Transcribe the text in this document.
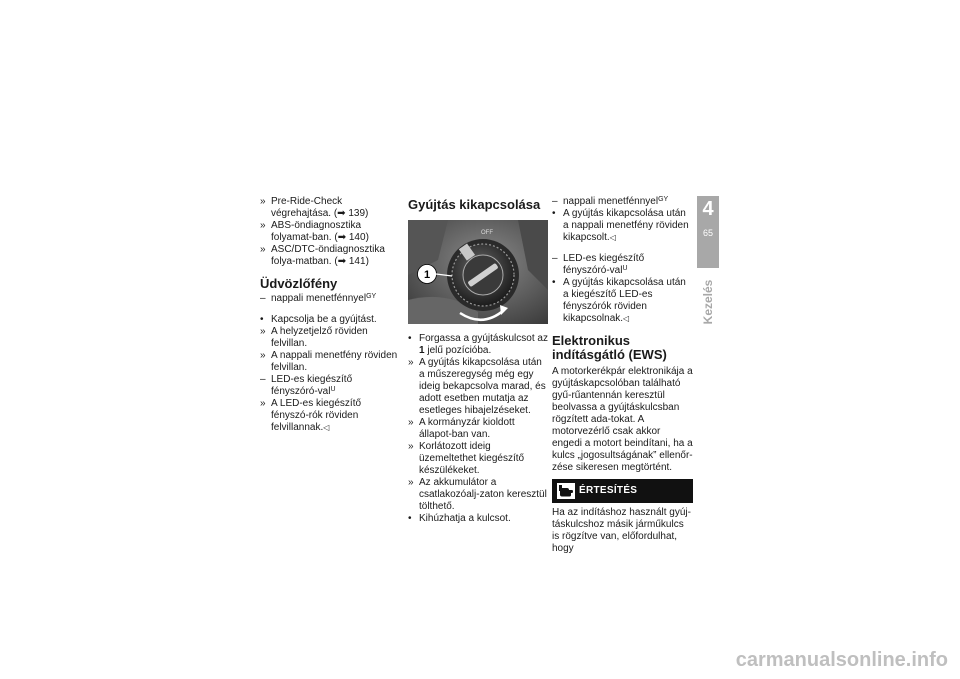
» Pre-Ride-Check végrehajtása. (➡ 139)

» ABS-öndiagnosztika folyamat-ban. (➡ 140)

» ASC/DTC-öndiagnosztika folya-matban. (➡ 141)

Üdvözlőfény

– nappali menetfénnyel$^{GY}$

• Kapcsolja be a gyújtást.

» A helyzetjelző röviden felvillan.

» A nappali menetfény röviden felvillan.

– LED-es kiegészítő fényszóró-val$^U$

» A LED-es kiegészítő fényszó-rók röviden felvillannak.◁

Gyújtás kikapcsolása
OFF
1

• Forgassa a gyújtáskulcsot az 1 jelű pozícióba.

» A gyújtás kikapcsolása után a műszeregység még egy ideig bekapcsolva marad, és adott esetben mutatja az esetleges hibajelzéseket.

» A kormányzár kioldott állapot-ban van.

» Korlátozott ideig üzemeltethet kiegészítő készülékeket.

» Az akkumulátor a csatlakozóalj-zaton keresztül tölthető.

• Kihúzhatja a kulcsot.

– nappali menetfénnyel$^{GY}$

• A gyújtás kikapcsolása után a nappali menetfény röviden kikapcsolt.◁

– LED-es kiegészítő fényszóró-val$^U$

• A gyújtás kikapcsolása után a kiegészítő LED-es fényszórók röviden kikapcsolnak.◁

Elektronikus indításgátló (EWS)

A motorkerékpár elektronikája a gyújtáskapcsolóban található gyű-rűantennán keresztül beolvassa a gyújtáskulcsban rögzített ada-tokat. A motorvezérlő csak akkor engedi a motort beindítani, ha a kulcs „jogosultságának” ellenőr-zése sikeresen megtörtént.

ÉRTESÍTÉS

Ha az indításhoz használt gyúj-táskulcshoz másik járműkulcs is rögzítve van, előfordulhat, hogy

4
65
Kezelés
carmanualsonline.info
